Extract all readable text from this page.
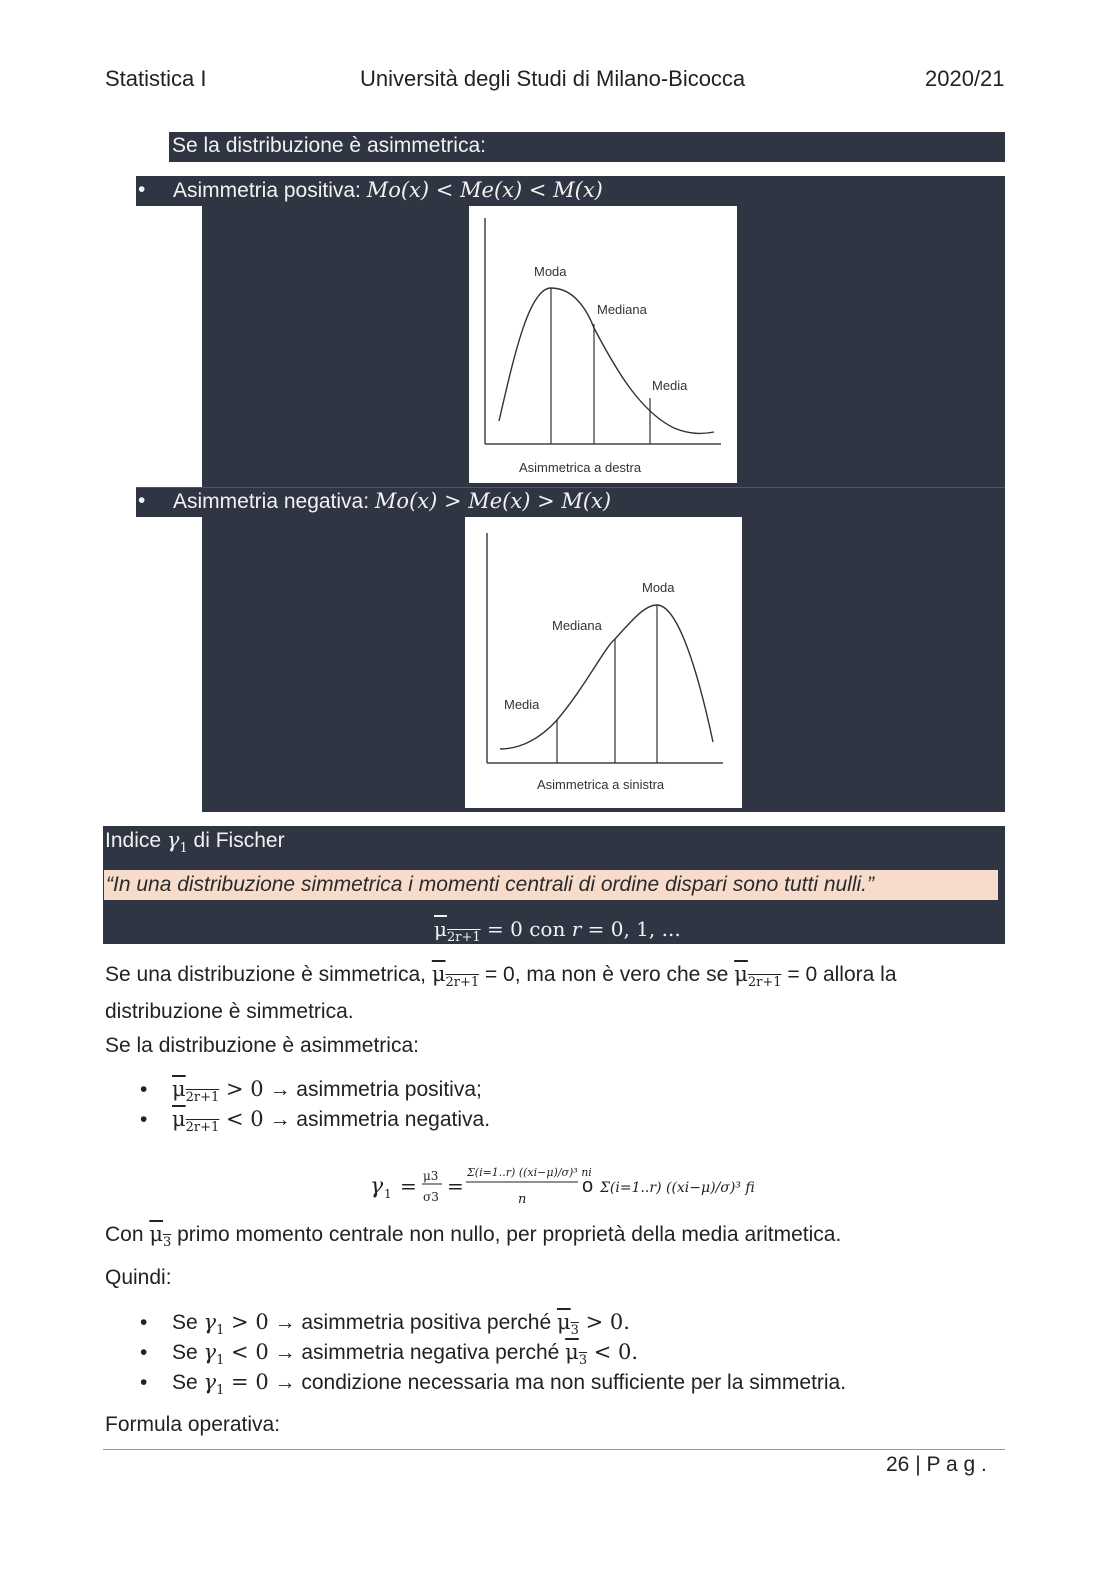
Statistica I	Università degli Studi di Milano-Bicocca	2020/21
Se la distribuzione è asimmetrica:
• Asimmetria positiva: Mo(x) < Me(x) < M(x)
Moda
Mediana
Media
Asimmetrica a destra
• Asimmetria negativa: Mo(x) > Me(x) > M(x)
Moda
Mediana
Media
Asimmetrica a sinistra
Indice $\gamma_1$ di Fischer
“In una distribuzione simmetrica i momenti centrali di ordine dispari sono tutti nulli.”
$\overline{\mu}_{2r+1} = 0$ con r = 0, 1, ...
Se una distribuzione è simmetrica, $\overline{\mu}_{2r+1} = 0$, ma non è vero che se $\overline{\mu}_{2r+1} = 0$ allora la distribuzione è simmetrica.
Se la distribuzione è asimmetrica:
• $\overline{\mu}_{2r+1} > 0$ → asimmetria positiva;
• $\overline{\mu}_{2r+1} < 0$ → asimmetria negativa.
γ 1 = μ3
σ3 =
Σ(i=1..r) ((xi−μ)/σ)³ ni
n
o Σ(i=1..r) ((xi−μ)/σ)³ fi
Con $\overline{\mu}_3$ primo momento centrale non nullo, per proprietà della media aritmetica.
Quindi:
• Se $\gamma_1 > 0$ → asimmetria positiva perché $\overline{\mu}_3 > 0$.
• Se $\gamma_1 < 0$ → asimmetria negativa perché $\overline{\mu}_3 < 0$.
• Se $\gamma_1 = 0$ → condizione necessaria ma non sufficiente per la simmetria.
Formula operativa:
26 | P a g .
